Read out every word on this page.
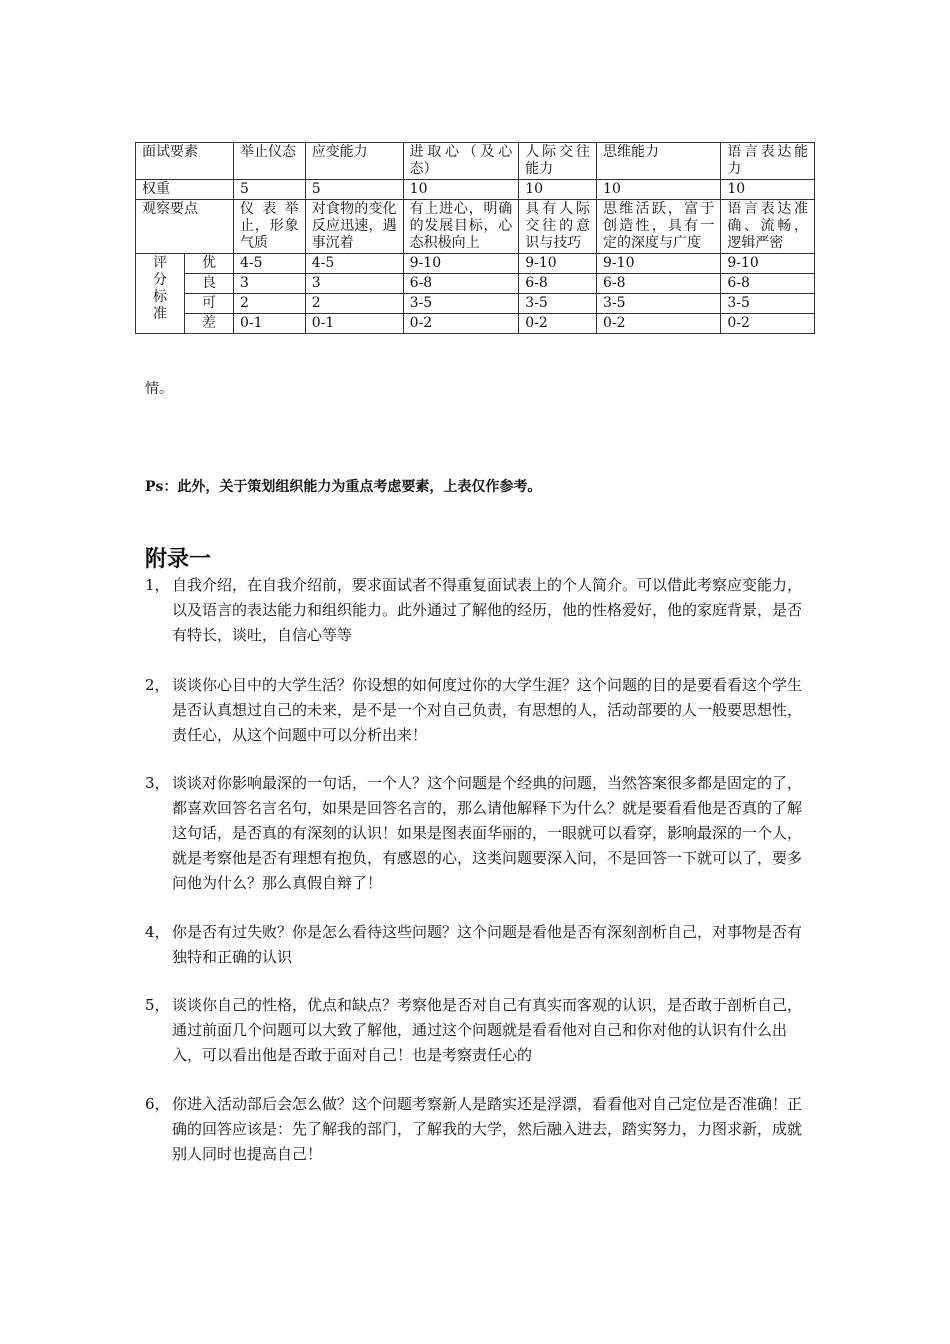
面试要素		举止仪态	应变能力	进取心（及心态）	人际交往能力	思维能力	语言表达能力
权重		5	5	10	10	10	10
观察要点		仪表举止，形象气质	对食物的变化反应迅速，遇事沉着	有上进心，明确的发展目标，心态积极向上	具有人际交往的意识与技巧	思维活跃，富于创造性，具有一定的深度与广度	语言表达准确、流畅，逻辑严密

评
分
标
准	优	4-5	4-5	9-10	9-10	9-10	9-10
	良	3	3	6-8	6-8	6-8	6-8
	可	2	2	3-5	3-5	3-5	3-5
	差	0-1	0-1	0-2	0-2	0-2	0-2
情。
Ps：此外，关于策划组织能力为重点考虑要素，上表仅作参考。
附录一
1， 自我介绍，在自我介绍前，要求面试者不得重复面试表上的个人简介。可以借此考察应变能力，以及语言的表达能力和组织能力。此外通过了解他的经历，他的性格爱好，他的家庭背景，是否有特长，谈吐，自信心等等
2， 谈谈你心目中的大学生活？你设想的如何度过你的大学生涯？这个问题的目的是要看看这个学生是否认真想过自己的未来，是不是一个对自己负责，有思想的人，活动部要的人一般要思想性，责任心，从这个问题中可以分析出来！
3， 谈谈对你影响最深的一句话，一个人？这个问题是个经典的问题，当然答案很多都是固定的了，都喜欢回答名言名句，如果是回答名言的，那么请他解释下为什么？就是要看看他是否真的了解这句话，是否真的有深刻的认识！如果是图表面华丽的，一眼就可以看穿，影响最深的一个人，就是考察他是否有理想有抱负，有感恩的心，这类问题要深入问，不是回答一下就可以了，要多问他为什么？那么真假自辩了！
4， 你是否有过失败？你是怎么看待这些问题？这个问题是看他是否有深刻剖析自己，对事物是否有独特和正确的认识
5， 谈谈你自己的性格，优点和缺点？考察他是否对自己有真实而客观的认识，是否敢于剖析自己，通过前面几个问题可以大致了解他，通过这个问题就是看看他对自己和你对他的认识有什么出入，可以看出他是否敢于面对自己！也是考察责任心的
6， 你进入活动部后会怎么做？这个问题考察新人是踏实还是浮漂，看看他对自己定位是否准确！正确的回答应该是：先了解我的部门，了解我的大学，然后融入进去，踏实努力，力图求新，成就别人同时也提高自己！
